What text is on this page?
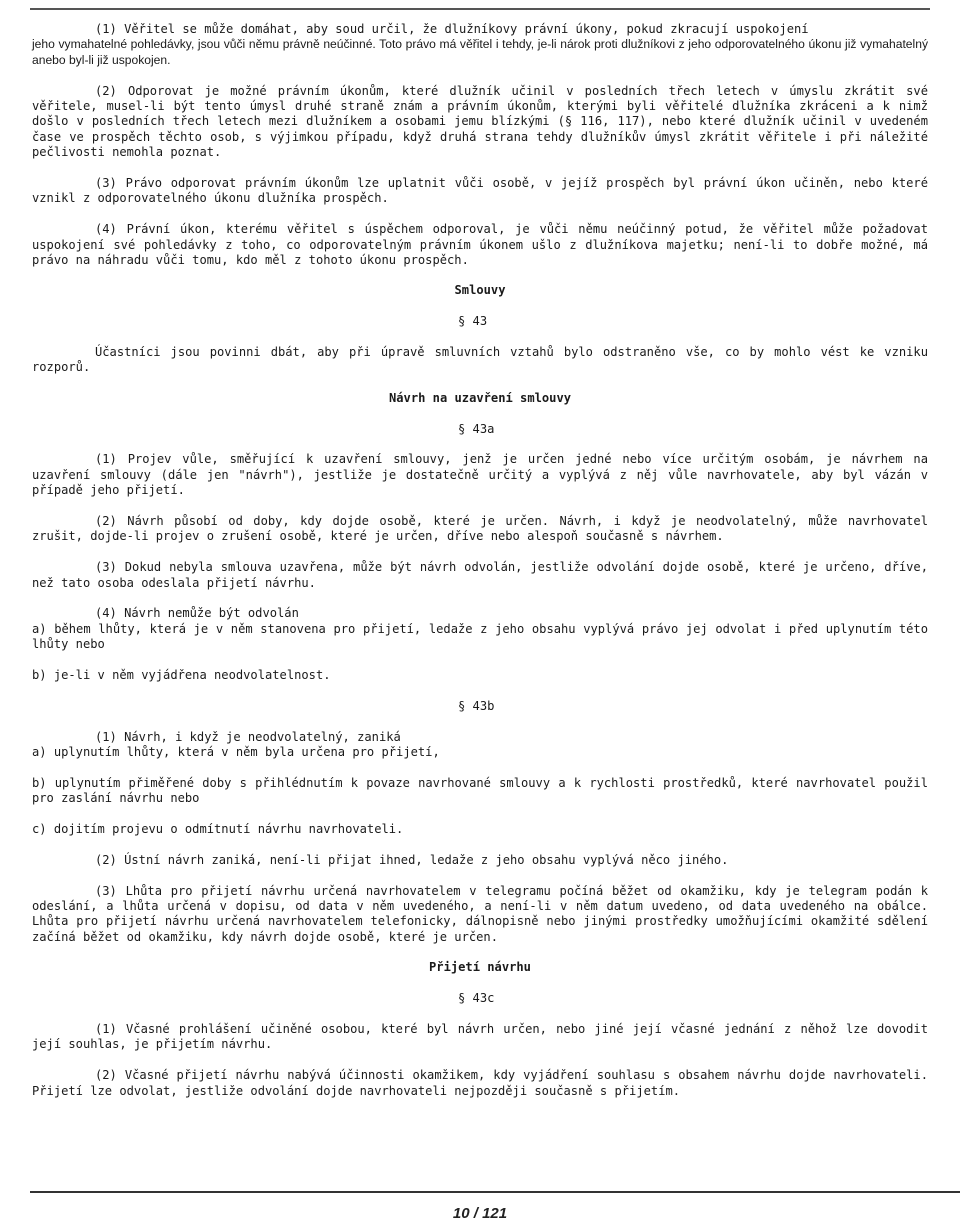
(1) Věřitel se může domáhat, aby soud určil, že dlužníkovy právní úkony, pokud zkracují uspokojení

jeho vymahatelné pohledávky, jsou vůči němu právně neúčinné. Toto právo má věřitel i tehdy, je-li nárok proti dlužníkovi z jeho odporovatelného úkonu již vymahatelný anebo byl-li již uspokojen.

(2) Odporovat je možné právním úkonům, které dlužník učinil v posledních třech letech v úmyslu zkrátit své věřitele, musel-li být tento úmysl druhé straně znám a právním úkonům, kterými byli věřitelé dlužníka zkráceni a k nimž došlo v posledních třech letech mezi dlužníkem a osobami jemu blízkými (§ 116, 117), nebo které dlužník učinil v uvedeném čase ve prospěch těchto osob, s výjimkou případu, když druhá strana tehdy dlužníkův úmysl zkrátit věřitele i při náležité pečlivosti nemohla poznat.

(3) Právo odporovat právním úkonům lze uplatnit vůči osobě, v jejíž prospěch byl právní úkon učiněn, nebo které vznikl z odporovatelného úkonu dlužníka prospěch.

(4) Právní úkon, kterému věřitel s úspěchem odporoval, je vůči němu neúčinný potud, že věřitel může požadovat uspokojení své pohledávky z toho, co odporovatelným právním úkonem ušlo z dlužníkova majetku; není-li to dobře možné, má právo na náhradu vůči tomu, kdo měl z tohoto úkonu prospěch.

Smlouvy

§ 43

Účastníci jsou povinni dbát, aby při úpravě smluvních vztahů bylo odstraněno vše, co by mohlo vést ke vzniku rozporů.

Návrh na uzavření smlouvy

§ 43a

(1) Projev vůle, směřující k uzavření smlouvy, jenž je určen jedné nebo více určitým osobám, je návrhem na uzavření smlouvy (dále jen "návrh"), jestliže je dostatečně určitý a vyplývá z něj vůle navrhovatele, aby byl vázán v případě jeho přijetí.

(2) Návrh působí od doby, kdy dojde osobě, které je určen. Návrh, i když je neodvolatelný, může navrhovatel zrušit, dojde-li projev o zrušení osobě, které je určen, dříve nebo alespoň současně s návrhem.

(3) Dokud nebyla smlouva uzavřena, může být návrh odvolán, jestliže odvolání dojde osobě, které je určeno, dříve, než tato osoba odeslala přijetí návrhu.

(4) Návrh nemůže být odvolán

a) během lhůty, která je v něm stanovena pro přijetí, ledaže z jeho obsahu vyplývá právo jej odvolat i před uplynutím této lhůty nebo

b) je-li v něm vyjádřena neodvolatelnost.

§ 43b

(1) Návrh, i když je neodvolatelný, zaniká

a) uplynutím lhůty, která v něm byla určena pro přijetí,

b) uplynutím přiměřené doby s přihlédnutím k povaze navrhované smlouvy a k rychlosti prostředků, které navrhovatel použil pro zaslání návrhu nebo

c) dojitím projevu o odmítnutí návrhu navrhovateli.

(2) Ústní návrh zaniká, není-li přijat ihned, ledaže z jeho obsahu vyplývá něco jiného.

(3) Lhůta pro přijetí návrhu určená navrhovatelem v telegramu počíná běžet od okamžiku, kdy je telegram podán k odeslání, a lhůta určená v dopisu, od data v něm uvedeného, a není-li v něm datum uvedeno, od data uvedeného na obálce. Lhůta pro přijetí návrhu určená navrhovatelem telefonicky, dálnopisně nebo jinými prostředky umožňujícími okamžité sdělení začíná běžet od okamžiku, kdy návrh dojde osobě, které je určen.

Přijetí návrhu

§ 43c

(1) Včasné prohlášení učiněné osobou, které byl návrh určen, nebo jiné její včasné jednání z něhož lze dovodit její souhlas, je přijetím návrhu.

(2) Včasné přijetí návrhu nabývá účinnosti okamžikem, kdy vyjádření souhlasu s obsahem návrhu dojde navrhovateli. Přijetí lze odvolat, jestliže odvolání dojde navrhovateli nejpozději současně s přijetím.

10 / 121
